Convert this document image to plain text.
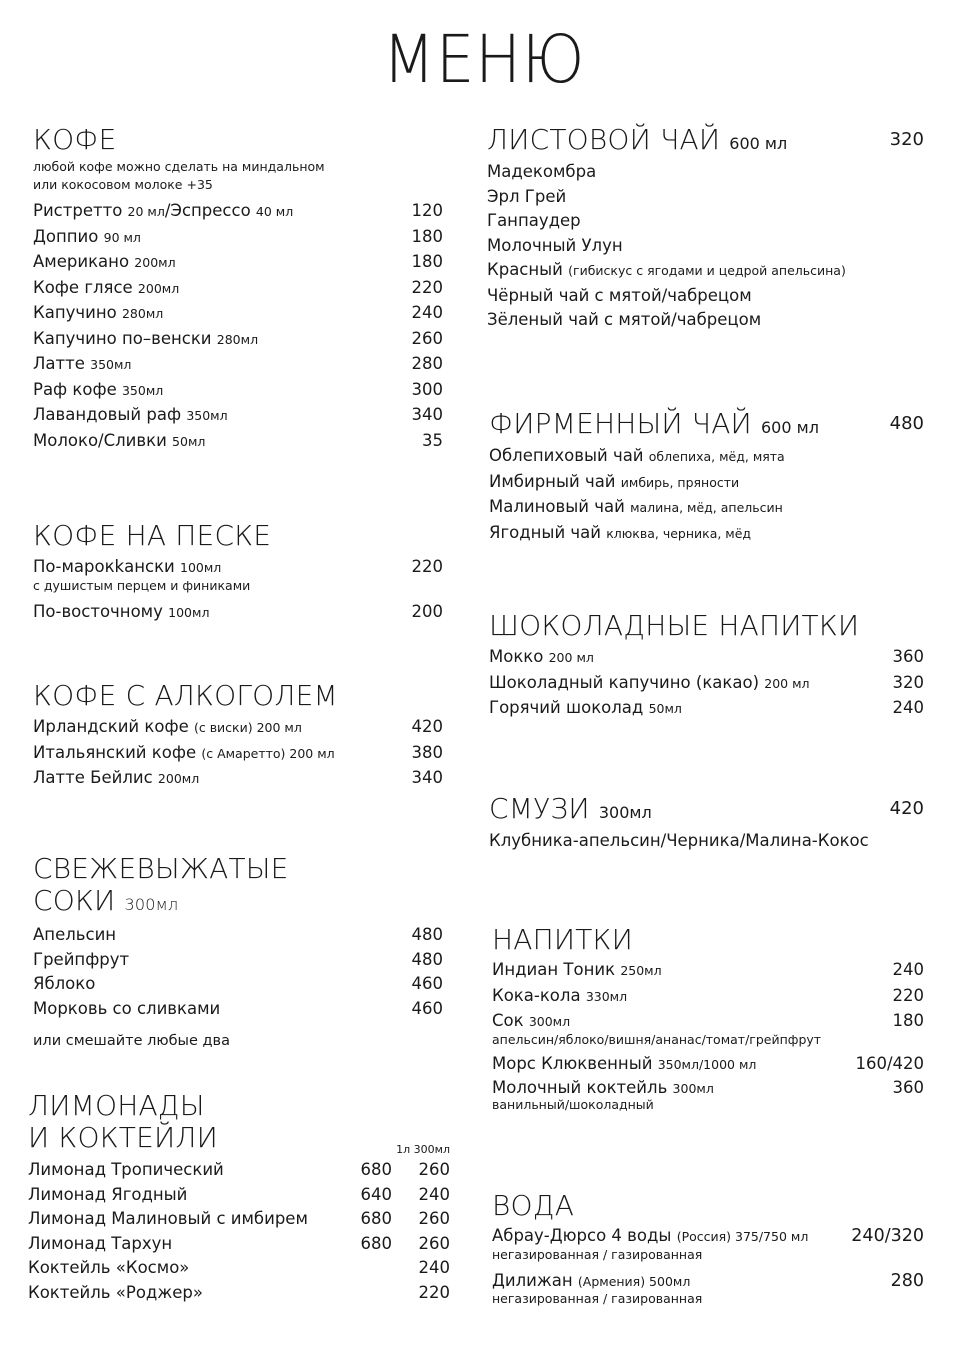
МЕНЮ
КОФЕ
любой кофе можно сделать на миндальном
или кокосовом молоке +35
Ристретто 20 мл/Эспрессо 40 мл	120
Доппио 90 мл	180
Американо 200мл	180
Кофе глясе 200мл	220
Капучино 280мл	240
Капучино по–венски 280мл	260
Латте 350мл	280
Раф кофе 350мл	300
Лавандовый раф 350мл	340
Молоко/Сливки 50мл	35
КОФЕ НА ПЕСКЕ
По-марокkански 100мл	220
с душистым перцем и финиками
По-восточному 100мл	200
КОФЕ С АЛКОГОЛЕМ
Ирландский кофе (с виски) 200 мл	420
Итальянский кофе (с Амаретто) 200 мл	380
Латте Бейлис 200мл	340
СВЕЖЕВЫЖАТЫЕ
СОКИ 300мл
Апельсин	480
Грейпфрут	480
Яблоко	460
Морковь со сливками	460
или смешайте любые два
ЛИМОНАДЫ
И КОКТЕЙЛИ	1л 300мл
Лимонад Тропический	680 260
Лимонад Ягодный	640 240
Лимонад Малиновый с имбирем	680 260
Лимонад Тархун	680 260
Коктейль «Космо»	240
Коктейль «Роджер»	220
ЛИСТОВОЙ ЧАЙ 600 мл	320
Мадекомбра
Эрл Грей
Ганпаудер
Молочный Улун
Красный (гибискус с ягодами и цедрой апельсина)
Чёрный чай с мятой/чабрецом
Зёленый чай с мятой/чабрецом
ФИРМЕННЫЙ ЧАЙ 600 мл	480
Облепиховый чай облепиха, мёд, мята
Имбирный чай имбирь, пряности
Малиновый чай малина, мёд, апельсин
Ягодный чай клюква, черника, мёд
ШОКОЛАДНЫЕ НАПИТКИ
Мокко 200 мл	360
Шоколадный капучино (какао) 200 мл	320
Горячий шоколад 50мл	240
СМУЗИ 300мл	420
Клубника-апельсин/Черника/Малина-Кокос
НАПИТКИ
Индиан Тоник 250мл	240
Кока-кола 330мл	220
Сок 300мл	180
апельсин/яблоко/вишня/ананас/томат/грейпфрут
Морс Клюквенный 350мл/1000 мл	160/420
Молочный коктейль 300мл	360
ванильный/шоколадный
ВОДА
Абрау-Дюрсо 4 воды (Россия) 375/750 мл 240/320
негазированная / газированная
Дилижан (Армения) 500мл	280
негазированная / газированная
